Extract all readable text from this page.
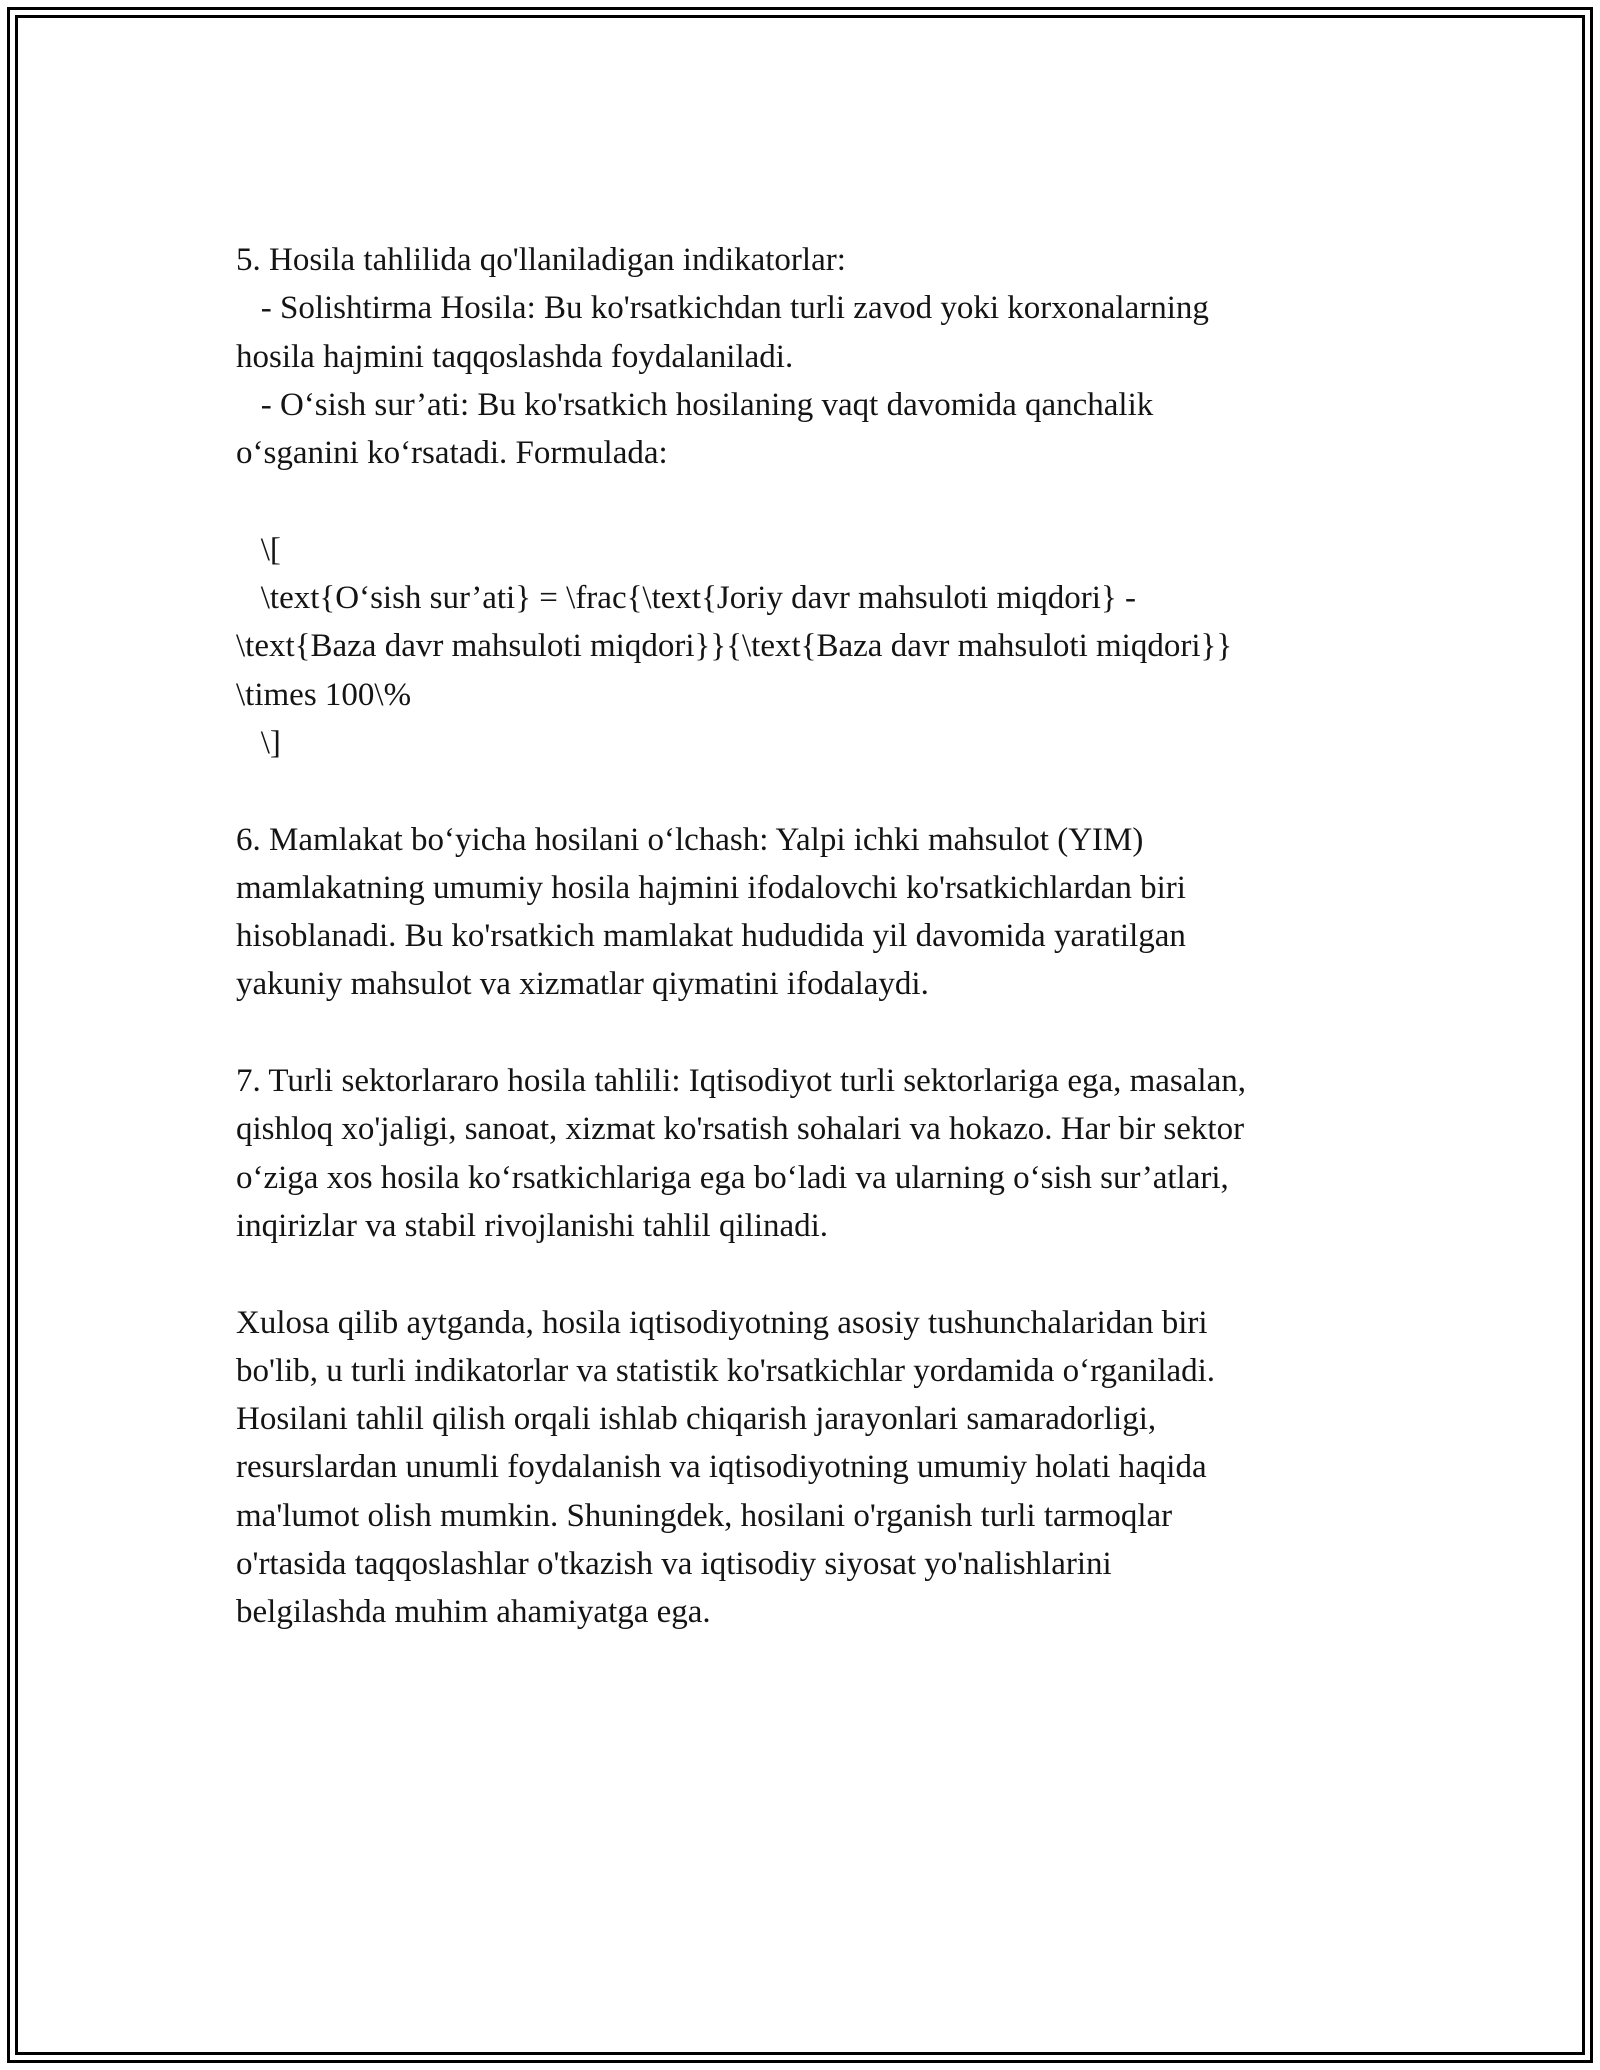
5. Hosila tahlilida qo'llaniladigan indikatorlar:
- Solishtirma Hosila: Bu ko'rsatkichdan turli zavod yoki korxonalarning
hosila hajmini taqqoslashda foydalaniladi.
- O‘sish sur’ati: Bu ko'rsatkich hosilaning vaqt davomida qanchalik
o‘sganini ko‘rsatadi. Formulada:
\[
\text{O‘sish sur’ati} = \frac{\text{Joriy davr mahsuloti miqdori} -
\text{Baza davr mahsuloti miqdori}}{\text{Baza davr mahsuloti miqdori}}
\times 100\%
\]
6. Mamlakat bo‘yicha hosilani o‘lchash: Yalpi ichki mahsulot (YIM)
mamlakatning umumiy hosila hajmini ifodalovchi ko'rsatkichlardan biri
hisoblanadi. Bu ko'rsatkich mamlakat hududida yil davomida yaratilgan
yakuniy mahsulot va xizmatlar qiymatini ifodalaydi.
7. Turli sektorlararo hosila tahlili: Iqtisodiyot turli sektorlariga ega, masalan,
qishloq xo'jaligi, sanoat, xizmat ko'rsatish sohalari va hokazo. Har bir sektor
o‘ziga xos hosila ko‘rsatkichlariga ega bo‘ladi va ularning o‘sish sur’atlari,
inqirizlar va stabil rivojlanishi tahlil qilinadi.
Xulosa qilib aytganda, hosila iqtisodiyotning asosiy tushunchalaridan biri
bo'lib, u turli indikatorlar va statistik ko'rsatkichlar yordamida o‘rganiladi.
Hosilani tahlil qilish orqali ishlab chiqarish jarayonlari samaradorligi,
resurslardan unumli foydalanish va iqtisodiyotning umumiy holati haqida
ma'lumot olish mumkin. Shuningdek, hosilani o'rganish turli tarmoqlar
o'rtasida taqqoslashlar o'tkazish va iqtisodiy siyosat yo'nalishlarini
belgilashda muhim ahamiyatga ega.
